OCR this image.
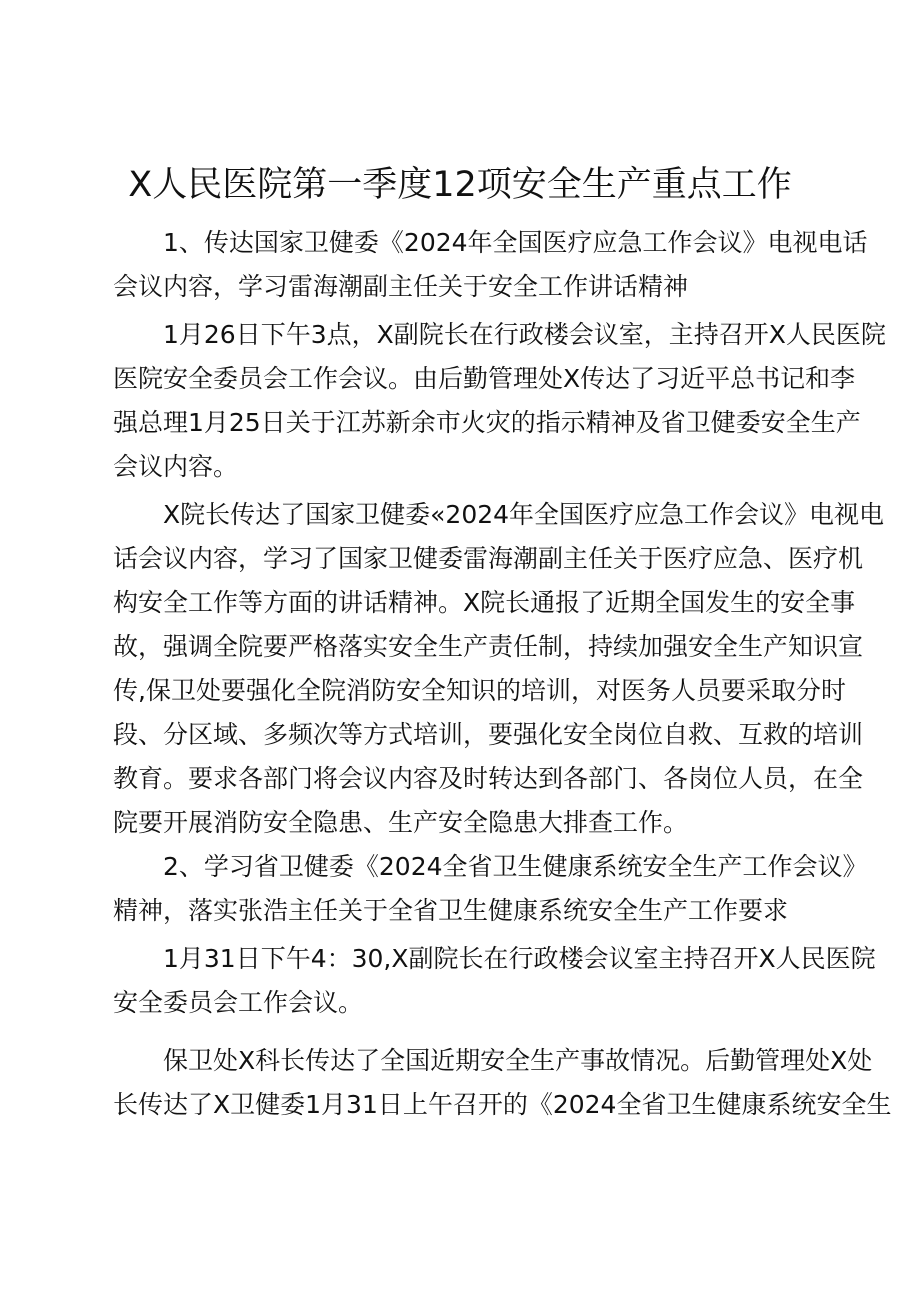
X人民医院第一季度12项安全生产重点工作

　　1、传达国家卫健委《2024年全国医疗应急工作会议》电视电话
会议内容，学习雷海潮副主任关于安全工作讲话精神

　　1月26日下午3点，X副院长在行政楼会议室，主持召开X人民医院
医院安全委员会工作会议。由后勤管理处X传达了习近平总书记和李
强总理1月25日关于江苏新余市火灾的指示精神及省卫健委安全生产
会议内容。

　　X院长传达了国家卫健委«2024年全国医疗应急工作会议》电视电
话会议内容，学习了国家卫健委雷海潮副主任关于医疗应急、医疗机
构安全工作等方面的讲话精神。X院长通报了近期全国发生的安全事
故，强调全院要严格落实安全生产责任制，持续加强安全生产知识宣
传,保卫处要强化全院消防安全知识的培训，对医务人员要采取分时
段、分区域、多频次等方式培训，要强化安全岗位自救、互救的培训
教育。要求各部门将会议内容及时转达到各部门、各岗位人员，在全
院要开展消防安全隐患、生产安全隐患大排查工作。

　　2、学习省卫健委《2024全省卫生健康系统安全生产工作会议》
精神，落实张浩主任关于全省卫生健康系统安全生产工作要求

　　1月31日下午4：30,X副院长在行政楼会议室主持召开X人民医院
安全委员会工作会议。

　　保卫处X科长传达了全国近期安全生产事故情况。后勤管理处X处
长传达了X卫健委1月31日上午召开的《2024全省卫生健康系统安全生
